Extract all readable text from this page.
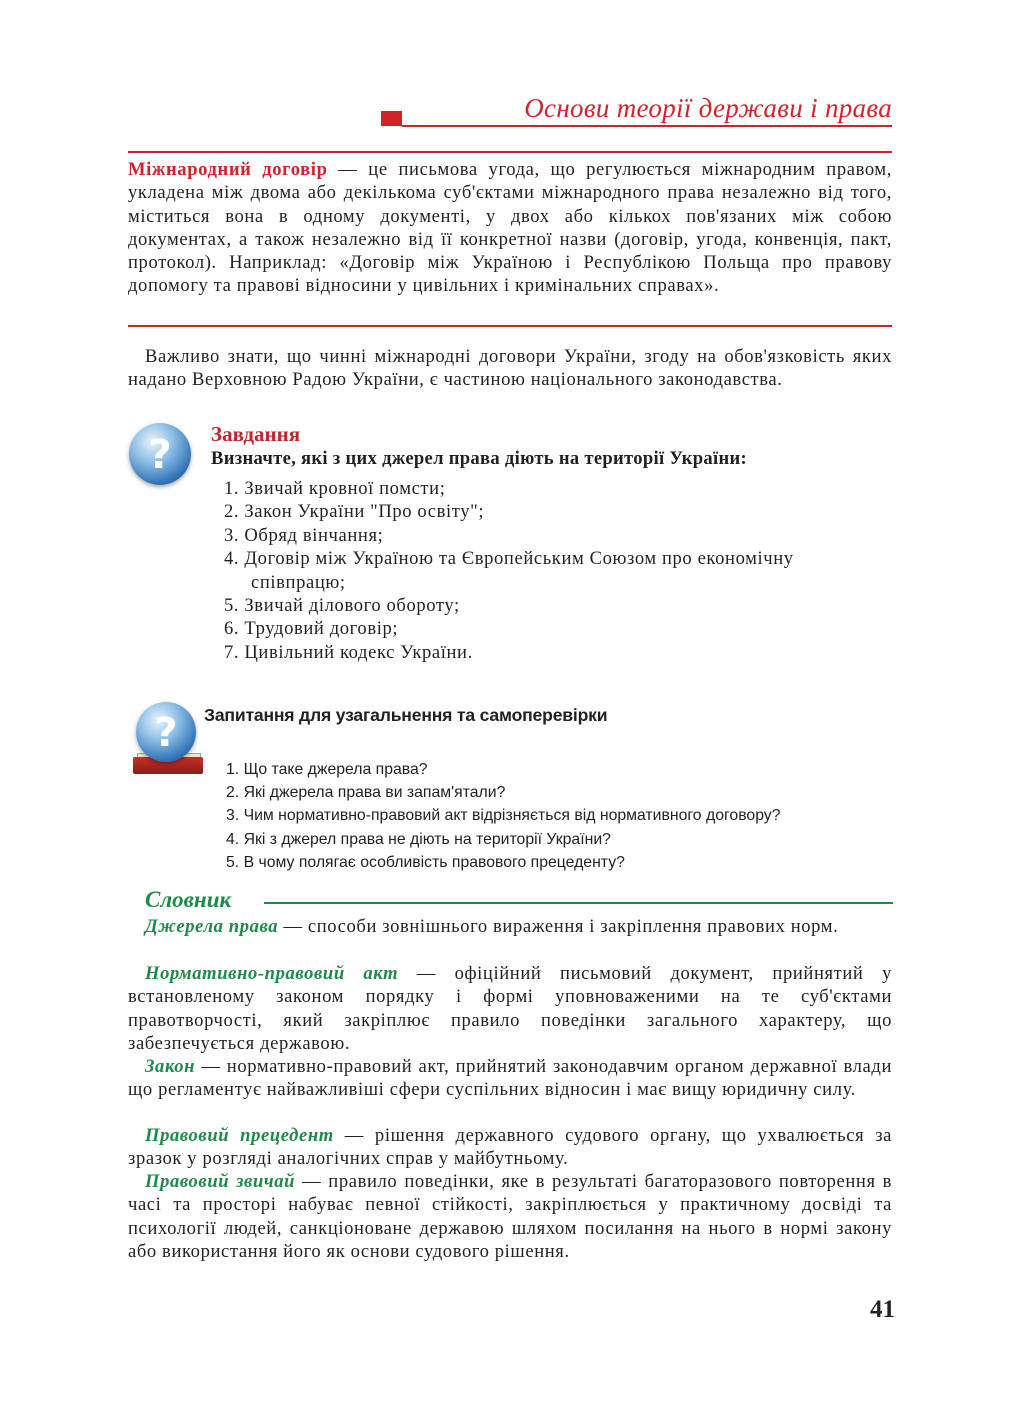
Основи теорії держави і права
Міжнародний договір — це письмова угода, що регулюється міжнародним правом, укладена між двома або декількома суб'єктами міжнародного права незалежно від того, міститься вона в одному документі, у двох або кількох пов'язаних між собою документах, а також незалежно від її конкретної назви (договір, угода, конвенція, пакт, протокол). Наприклад: «Договір між Україною і Республікою Польща про правову допомогу та правові відносини у цивільних і кримінальних справах».
Важливо знати, що чинні міжнародні договори України, згоду на обов'язковість яких надано Верховною Радою України, є частиною національного законодавства.
?	Завдання
Визначте, які з цих джерел права діють на території України:
1. Звичай кровної помсти;
2. Закон України "Про освіту";
3. Обряд вінчання;
4. Договір між Україною та Європейським Союзом про економічну
співпрацю;
5. Звичай ділового обороту;
6. Трудовий договір;
7. Цивільний кодекс України.
?	Запитання для узагальнення та самоперевірки
1. Що таке джерела права?
2. Які джерела права ви запам'ятали?
3. Чим нормативно-правовий акт відрізняється від нормативного договору?
4. Які з джерел права не діють на території України?
5. В чому полягає особливість правового прецеденту?
Словник
Джерела права — способи зовнішнього вираження і закріплення правових норм.
Нормативно-правовий акт — офіційний письмовий документ, прийнятий у встановленому законом порядку і формі уповноваженими на те суб'єктами правотворчості, який закріплює правило поведінки загального характеру, що забезпечується державою.
Закон — нормативно-правовий акт, прийнятий законодавчим органом державної влади що регламентує найважливіші сфери суспільних відносин і має вищу юридичну силу.
Правовий прецедент — рішення державного судового органу, що ухвалюється за зразок у розгляді аналогічних справ у майбутньому.
Правовий звичай — правило поведінки, яке в результаті багаторазового повторення в часі та просторі набуває певної стійкості, закріплюється у практичному досвіді та психології людей, санкціоноване державою шляхом посилання на нього в нормі закону або використання його як основи судового рішення.
41
